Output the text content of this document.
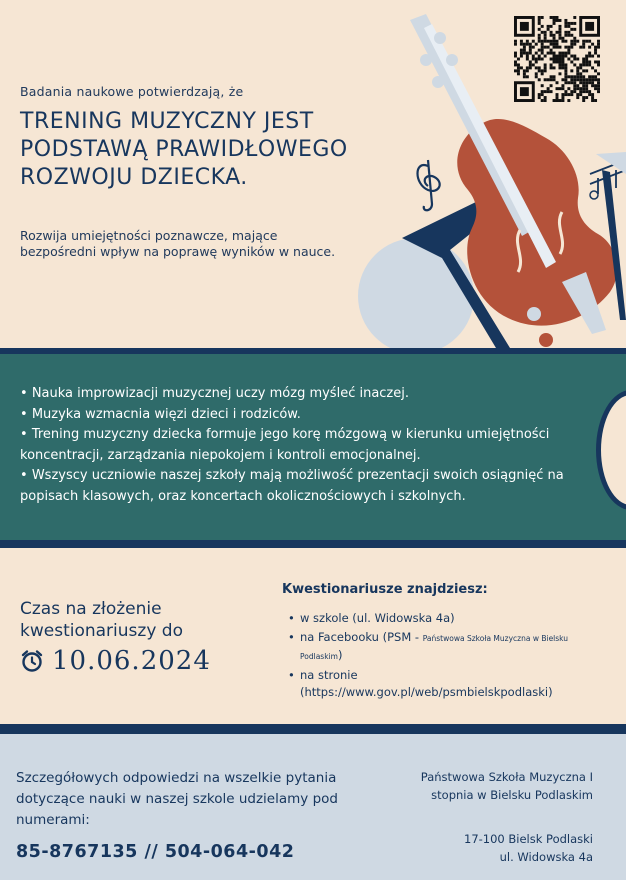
Badania naukowe potwierdzają, że

TRENING MUZYCZNY JEST PODSTAWĄ PRAWIDŁOWEGO ROZWOJU DZIECKA.

Rozwija umiejętności poznawcze, mające bezpośredni wpływ na poprawę wyników w nauce.

• Nauka improwizacji muzycznej uczy mózg myśleć inaczej.
• Muzyka wzmacnia więzi dzieci i rodziców.
• Trening muzyczny dziecka formuje jego korę mózgową w kierunku umiejętności koncentracji, zarządzania niepokojem i kontroli emocjonalnej.
• Wszyscy uczniowie naszej szkoły mają możliwość prezentacji swoich osiągnięć na popisach klasowych, oraz koncertach okolicznościowych i szkolnych.

Czas na złożenie kwestionariuszy do

10.06.2024

Kwestionariusze znajdziesz:

• w szkole (ul. Widowska 4a)
• na Facebooku (PSM - Państwowa Szkoła Muzyczna w Bielsku Podlaskim)
• na stronie (https://www.gov.pl/web/psmbielskpodlaski)

Szczegółowych odpowiedzi na wszelkie pytania dotyczące nauki w naszej szkole udzielamy pod numerami:

85-8767135 // 504-064-042

Państwowa Szkoła Muzyczna I stopnia w Bielsku Podlaskim

17-100 Bielsk Podlaski
ul. Widowska 4a
